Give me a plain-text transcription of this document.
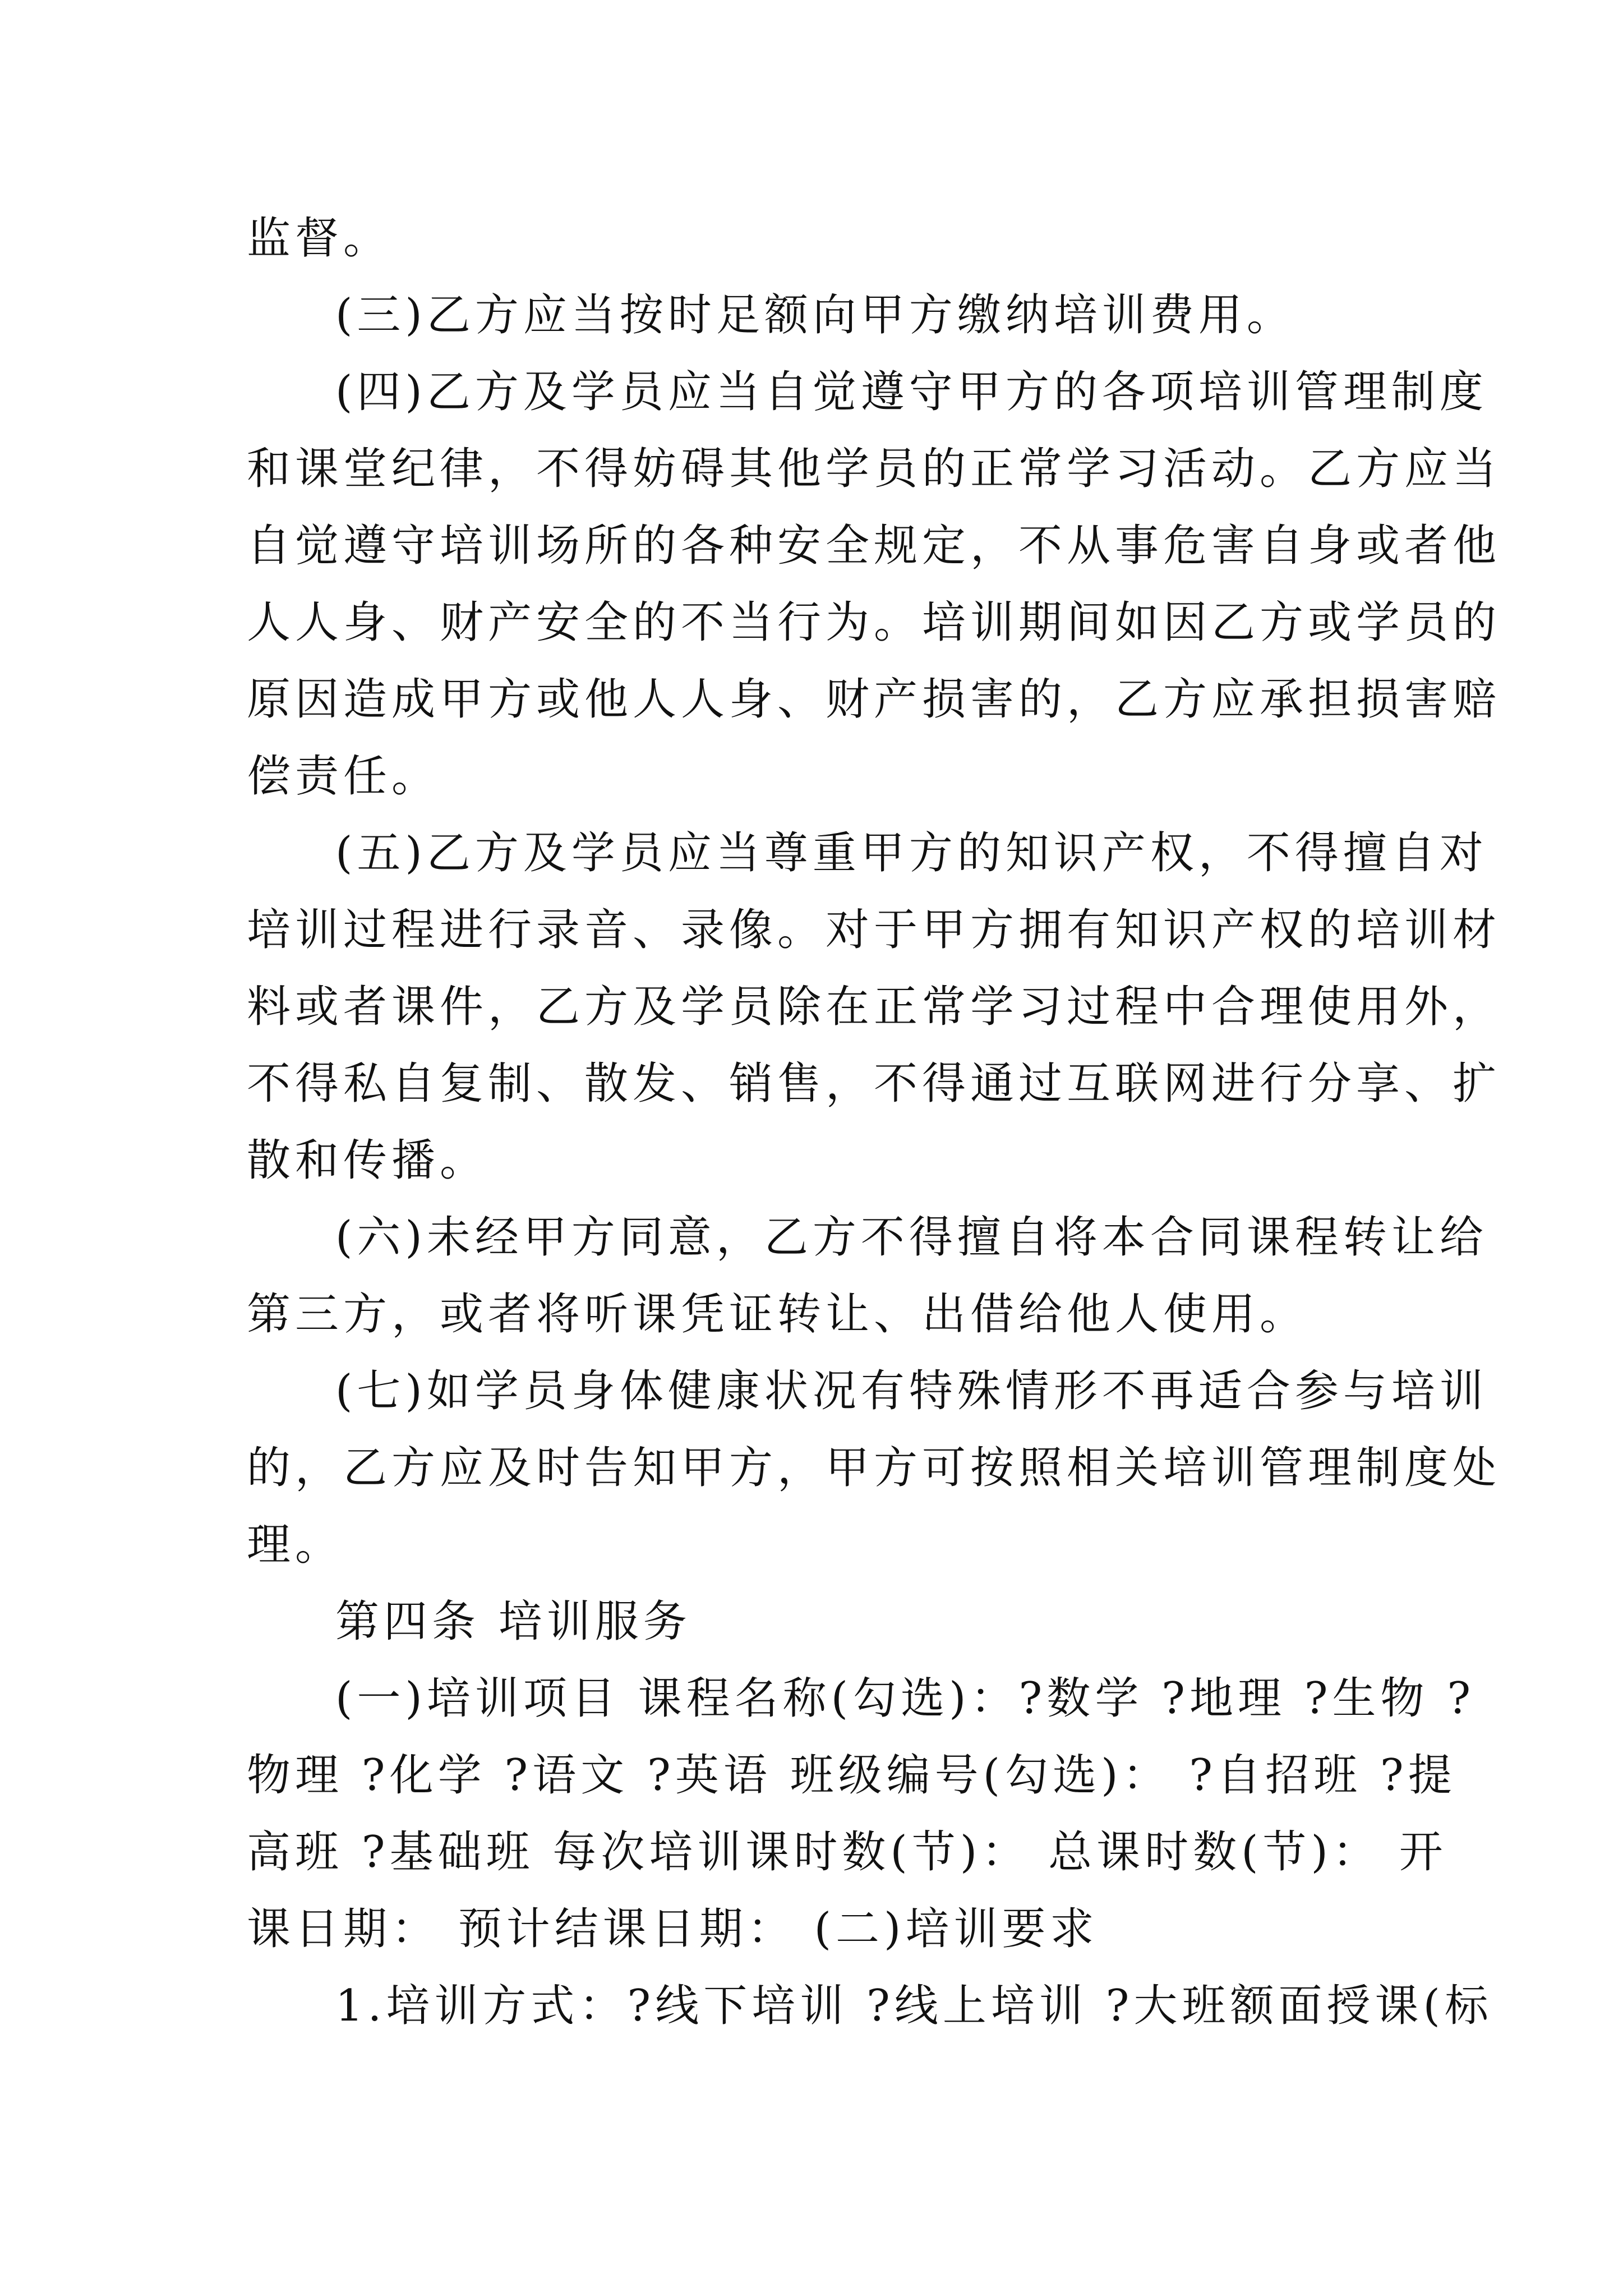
监督。
(三)乙方应当按时足额向甲方缴纳培训费用。
(四)乙方及学员应当自觉遵守甲方的各项培训管理制度
和课堂纪律，不得妨碍其他学员的正常学习活动。乙方应当
自觉遵守培训场所的各种安全规定，不从事危害自身或者他
人人身、财产安全的不当行为。培训期间如因乙方或学员的
原因造成甲方或他人人身、财产损害的，乙方应承担损害赔
偿责任。
(五)乙方及学员应当尊重甲方的知识产权，不得擅自对
培训过程进行录音、录像。对于甲方拥有知识产权的培训材
料或者课件，乙方及学员除在正常学习过程中合理使用外，
不得私自复制、散发、销售，不得通过互联网进行分享、扩
散和传播。
(六)未经甲方同意，乙方不得擅自将本合同课程转让给
第三方，或者将听课凭证转让、出借给他人使用。
(七)如学员身体健康状况有特殊情形不再适合参与培训
的，乙方应及时告知甲方，甲方可按照相关培训管理制度处
理。
第四条 培训服务
(一)培训项目 课程名称(勾选)：?数学 ?地理 ?生物 ?
物理 ?化学 ?语文 ?英语 班级编号(勾选)： ?自招班 ?提
高班 ?基础班 每次培训课时数(节)： 总课时数(节)： 开
课日期： 预计结课日期： (二)培训要求
1.培训方式：?线下培训 ?线上培训 ?大班额面授课(标
